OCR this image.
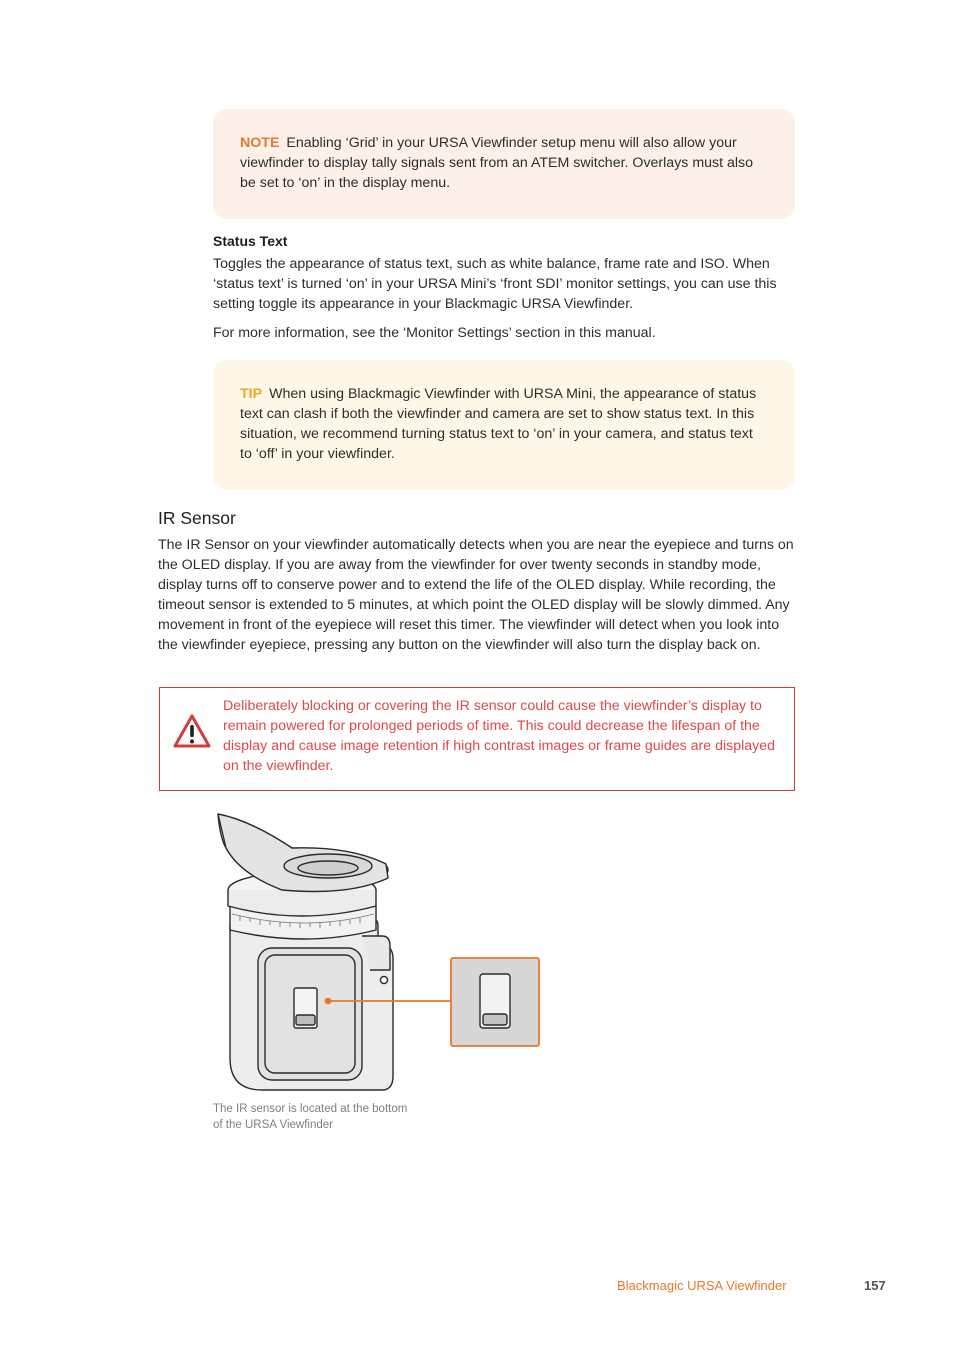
NOTE Enabling ‘Grid’ in your URSA Viewfinder setup menu will also allow your viewfinder to display tally signals sent from an ATEM switcher. Overlays must also be set to ‘on’ in the display menu.
Status Text

Toggles the appearance of status text, such as white balance, frame rate and ISO. When ‘status text’ is turned ‘on’ in your URSA Mini’s ‘front SDI’ monitor settings, you can use this setting toggle its appearance in your Blackmagic URSA Viewfinder.

For more information, see the ‘Monitor Settings’ section in this manual.

TIP When using Blackmagic Viewfinder with URSA Mini, the appearance of status text can clash if both the viewfinder and camera are set to show status text. In this situation, we recommend turning status text to ‘on’ in your camera, and status text to ‘off’ in your viewfinder.
IR Sensor

The IR Sensor on your viewfinder automatically detects when you are near the eyepiece and turns on the OLED display. If you are away from the viewfinder for over twenty seconds in standby mode, display turns off to conserve power and to extend the life of the OLED display. While recording, the timeout sensor is extended to 5 minutes, at which point the OLED display will be slowly dimmed. Any movement in front of the eyepiece will reset this timer. The viewfinder will detect when you look into the viewfinder eyepiece, pressing any button on the viewfinder will also turn the display back on.

Deliberately blocking or covering the IR sensor could cause the viewfinder’s display to remain powered for prolonged periods of time. This could decrease the lifespan of the display and cause image retention if high contrast images or frame guides are displayed on the viewfinder.

The IR sensor is located at the bottom of the URSA Viewfinder

Blackmagic URSA Viewfinder	157
